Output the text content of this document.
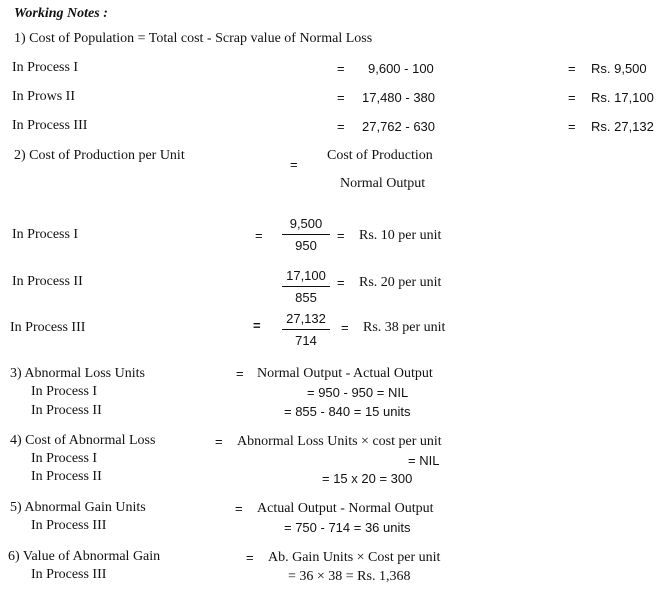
Working Notes :
1) Cost of Population = Total cost - Scrap value of Normal Loss
In Process I	= 9,600 - 100	= Rs. 9,500
In Prows II	= 17,480 - 380	= Rs. 17,100
In Process III	= 27,762 - 630	= Rs. 27,132
2) Cost of Production per Unit
=
Cost of Production
Normal Output
In Process I	= $\frac{9,500}{950} = Rs$. 10 per unit
In Process II	$\frac{17,100}{855} = Rs$. 20 per unit
In Process III	= $\frac{27,132}{714} = Rs$. 38 per unit
3) Abnormal Loss Units	= Normal Output - Actual Output
In Process I	= 950 - 950 = NIL
In Process II	= 855 - 840 = 15 units
4) Cost of Abnormal Loss	= Abnormal Loss Units × cost per unit
In Process I	= NIL
In Process II	= 15 x 20 = 300
5) Abnormal Gain Units	= Actual Output - Normal Output
In Process III	= 750 - 714 = 36 units
6) Value of Abnormal Gain	= Ab. Gain Units × Cost per unit
In Process III	= 36 × 38 = Rs. 1,368
